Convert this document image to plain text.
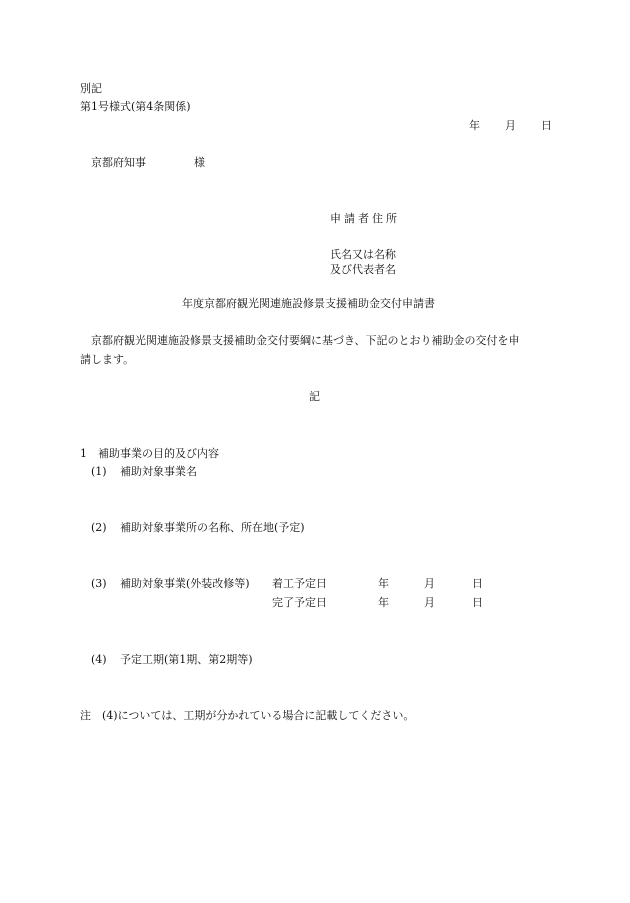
別記

第1号様式(第4条関係)

年 月 日
京都府知事	様
申請者住所
氏名又は名称
及び代表者名

年度京都府観光関連施設修景支援補助金交付申請書

京都府観光関連施設修景支援補助金交付要綱に基づき、下記のとおり補助金の交付を申

請します。

記

1　補助事業の目的及び内容

(1) 補助対象事業名
(2) 補助対象事業所の名称、所在地(予定)
(3) 補助対象事業(外装改修等) 着工予定日	年	月	日
完了予定日	年	月	日
(4) 予定工期(第1期、第2期等)
注 (4)については、工期が分かれている場合に記載してください。
